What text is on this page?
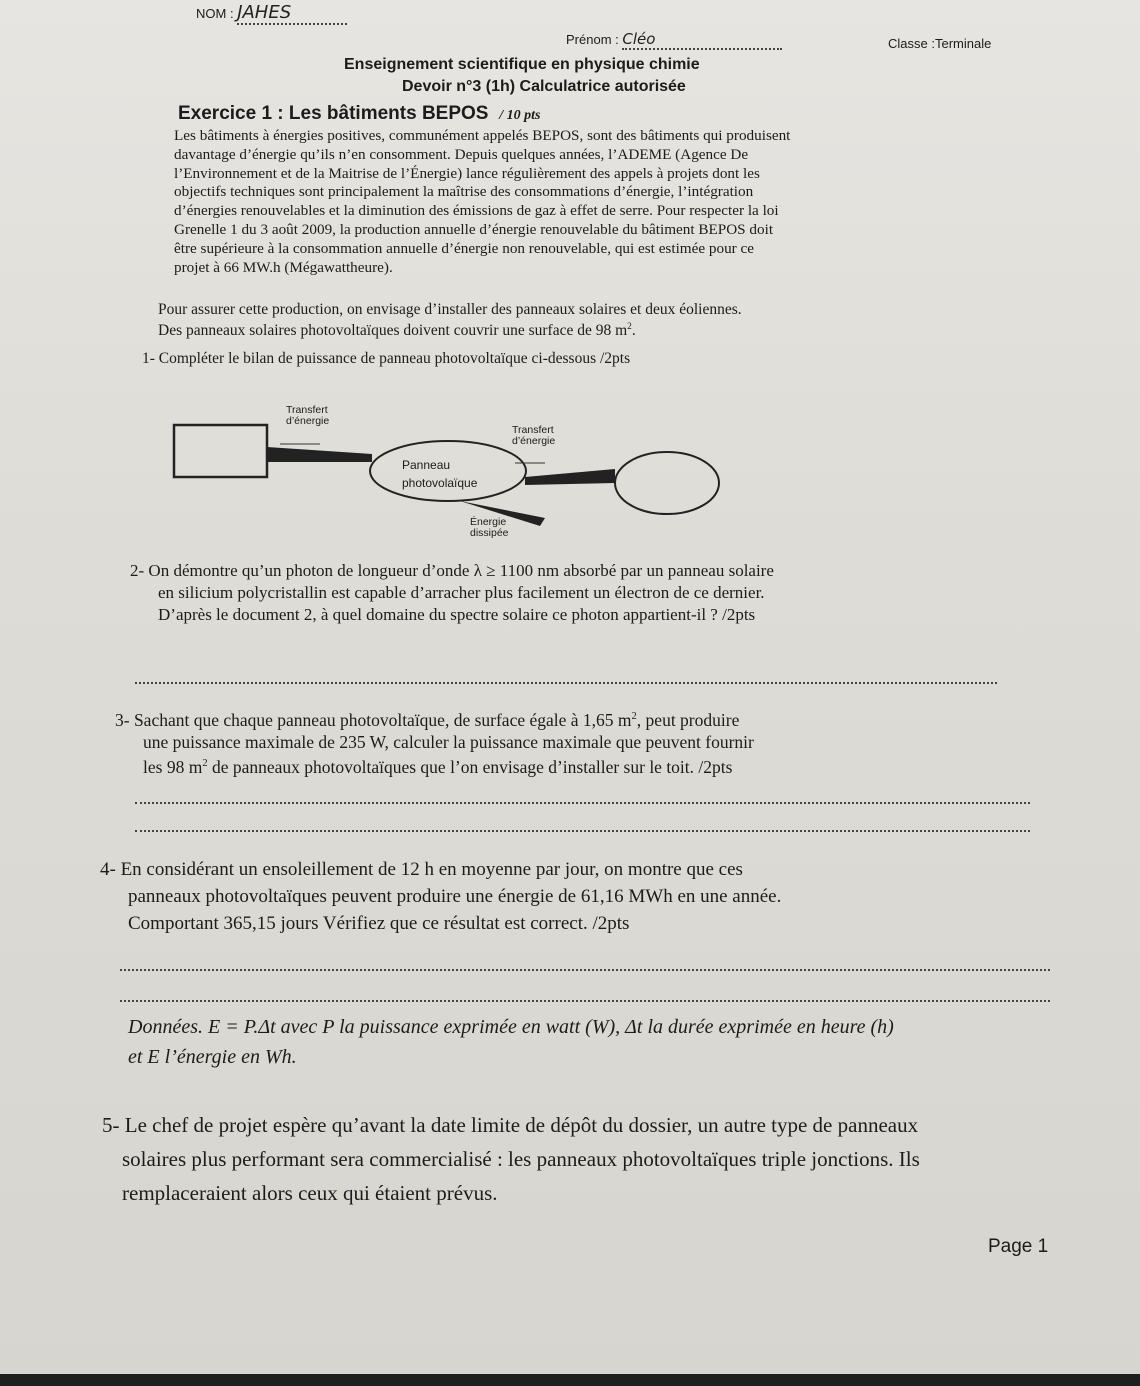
NOM : JAHES
Prénom : Cléo	Classe :Terminale
Enseignement scientifique en physique chimie
Devoir n°3 (1h) Calculatrice autorisée
Exercice 1 : Les bâtiments BEPOS / 10 pts
Les bâtiments à énergies positives, communément appelés BEPOS, sont des bâtiments qui produisent
davantage d’énergie qu’ils n’en consomment. Depuis quelques années, l’ADEME (Agence De
l’Environnement et de la Maitrise de l’Énergie) lance régulièrement des appels à projets dont les
objectifs techniques sont principalement la maîtrise des consommations d’énergie, l’intégration
d’énergies renouvelables et la diminution des émissions de gaz à effet de serre. Pour respecter la loi
Grenelle 1 du 3 août 2009, la production annuelle d’énergie renouvelable du bâtiment BEPOS doit
être supérieure à la consommation annuelle d’énergie non renouvelable, qui est estimée pour ce
projet à 66 MW.h (Mégawattheure).
Pour assurer cette production, on envisage d’installer des panneaux solaires et deux éoliennes.
Des panneaux solaires photovoltaïques doivent couvrir une surface de 98 $m^2$.
1- Compléter le bilan de puissance de panneau photovoltaïque ci-dessous /2pts
Transfert
d’énergie
Transfert
d’énergie
Panneau
photovolaïque
Énergie
dissipée
2- On démontre qu’un photon de longueur d’onde λ ≥ 1100 nm absorbé par un panneau solaire
en silicium polycristallin est capable d’arracher plus facilement un électron de ce dernier.
D’après le document 2, à quel domaine du spectre solaire ce photon appartient-il ? /2pts
3- Sachant que chaque panneau photovoltaïque, de surface égale à 1,65 $m^2$, peut produire
une puissance maximale de 235 W, calculer la puissance maximale que peuvent fournir
les 98 $m^2$ de panneaux photovoltaïques que l’on envisage d’installer sur le toit. /2pts
4- En considérant un ensoleillement de 12 h en moyenne par jour, on montre que ces
panneaux photovoltaïques peuvent produire une énergie de 61,16 MWh en une année.
Comportant 365,15 jours Vérifiez que ce résultat est correct. /2pts
Données. E = P.Δt avec P la puissance exprimée en watt (W), Δt la durée exprimée en heure (h)
et E l’énergie en Wh.
5- Le chef de projet espère qu’avant la date limite de dépôt du dossier, un autre type de panneaux
solaires plus performant sera commercialisé : les panneaux photovoltaïques triple jonctions. Ils
remplaceraient alors ceux qui étaient prévus.
Page 1
